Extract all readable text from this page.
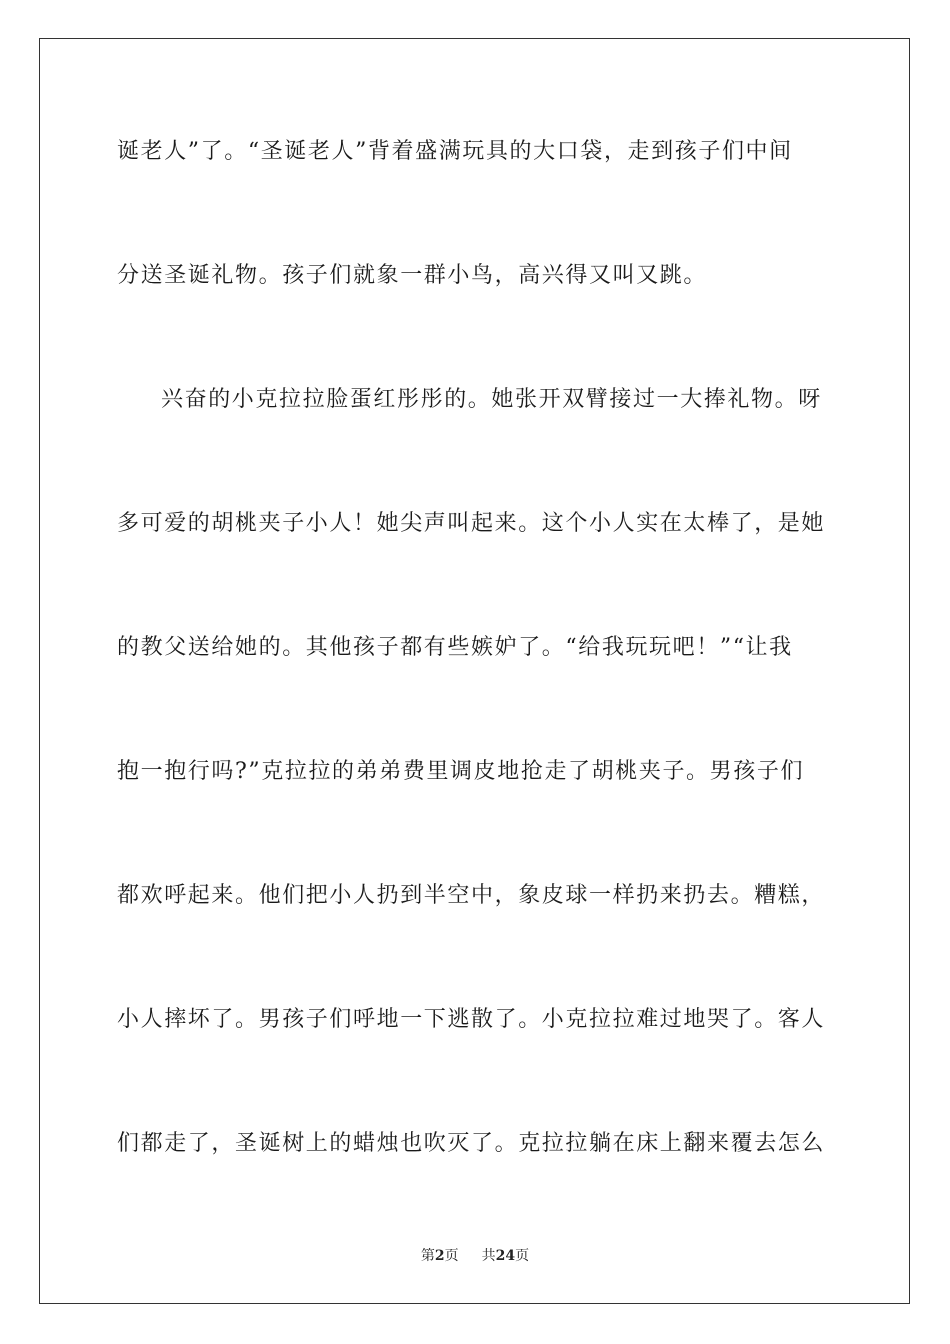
诞老人”了。“圣诞老人”背着盛满玩具的大口袋，走到孩子们中间
分送圣诞礼物。孩子们就象一群小鸟，高兴得又叫又跳。
兴奋的小克拉拉脸蛋红彤彤的。她张开双臂接过一大捧礼物。呀
多可爱的胡桃夹子小人！她尖声叫起来。这个小人实在太棒了，是她
的教父送给她的。其他孩子都有些嫉妒了。“给我玩玩吧！”“让我
抱一抱行吗?”克拉拉的弟弟费里调皮地抢走了胡桃夹子。男孩子们
都欢呼起来。他们把小人扔到半空中，象皮球一样扔来扔去。糟糕，
小人摔坏了。男孩子们呼地一下逃散了。小克拉拉难过地哭了。客人
们都走了，圣诞树上的蜡烛也吹灭了。克拉拉躺在床上翻来覆去怎么
第2页 共24页
